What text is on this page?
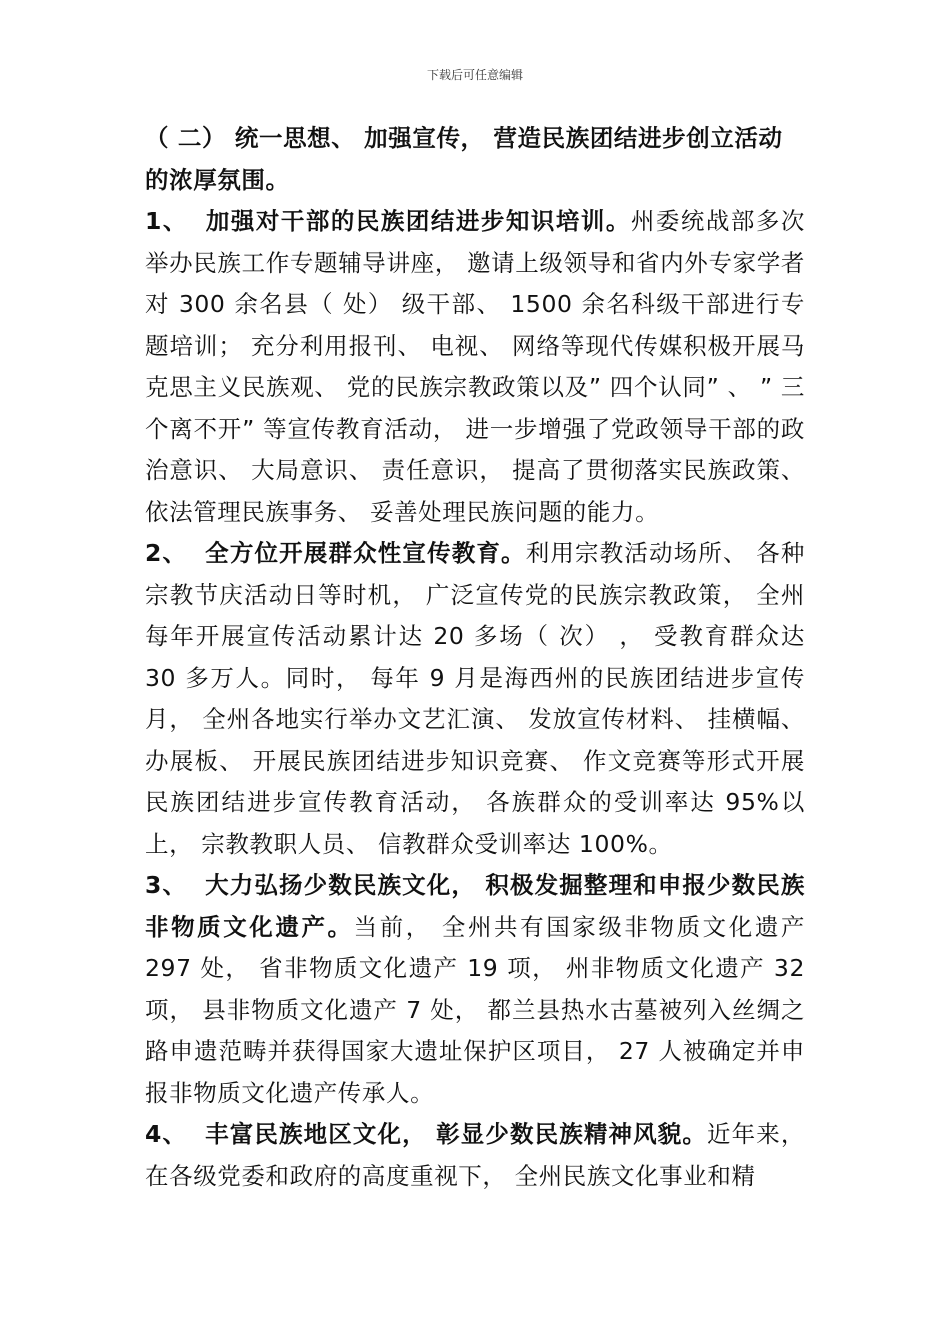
下载后可任意编辑

（ 二） 统一思想、 加强宣传， 营造民族团结进步创立活动的浓厚氛围。

1、 加强对干部的民族团结进步知识培训。州委统战部多次举办民族工作专题辅导讲座， 邀请上级领导和省内外专家学者对 300 余名县（ 处） 级干部、 1500 余名科级干部进行专题培训； 充分利用报刊、 电视、 网络等现代传媒积极开展马克思主义民族观、 党的民族宗教政策以及” 四个认同” 、 ” 三个离不开” 等宣传教育活动， 进一步增强了党政领导干部的政治意识、 大局意识、 责任意识， 提高了贯彻落实民族政策、 依法管理民族事务、 妥善处理民族问题的能力。

2、 全方位开展群众性宣传教育。利用宗教活动场所、 各种宗教节庆活动日等时机， 广泛宣传党的民族宗教政策， 全州每年开展宣传活动累计达 20 多场（ 次） ， 受教育群众达 30 多万人。同时， 每年 9 月是海西州的民族团结进步宣传月， 全州各地实行举办文艺汇演、 发放宣传材料、 挂横幅、 办展板、 开展民族团结进步知识竞赛、 作文竞赛等形式开展民族团结进步宣传教育活动， 各族群众的受训率达 95%以上， 宗教教职人员、 信教群众受训率达 100%。

3、 大力弘扬少数民族文化， 积极发掘整理和申报少数民族非物质文化遗产。当前， 全州共有国家级非物质文化遗产 297 处， 省非物质文化遗产 19 项， 州非物质文化遗产 32 项， 县非物质文化遗产 7 处， 都兰县热水古墓被列入丝绸之路申遗范畴并获得国家大遗址保护区项目， 27 人被确定并申报非物质文化遗产传承人。

4、 丰富民族地区文化， 彰显少数民族精神风貌。近年来， 在各级党委和政府的高度重视下， 全州民族文化事业和精
